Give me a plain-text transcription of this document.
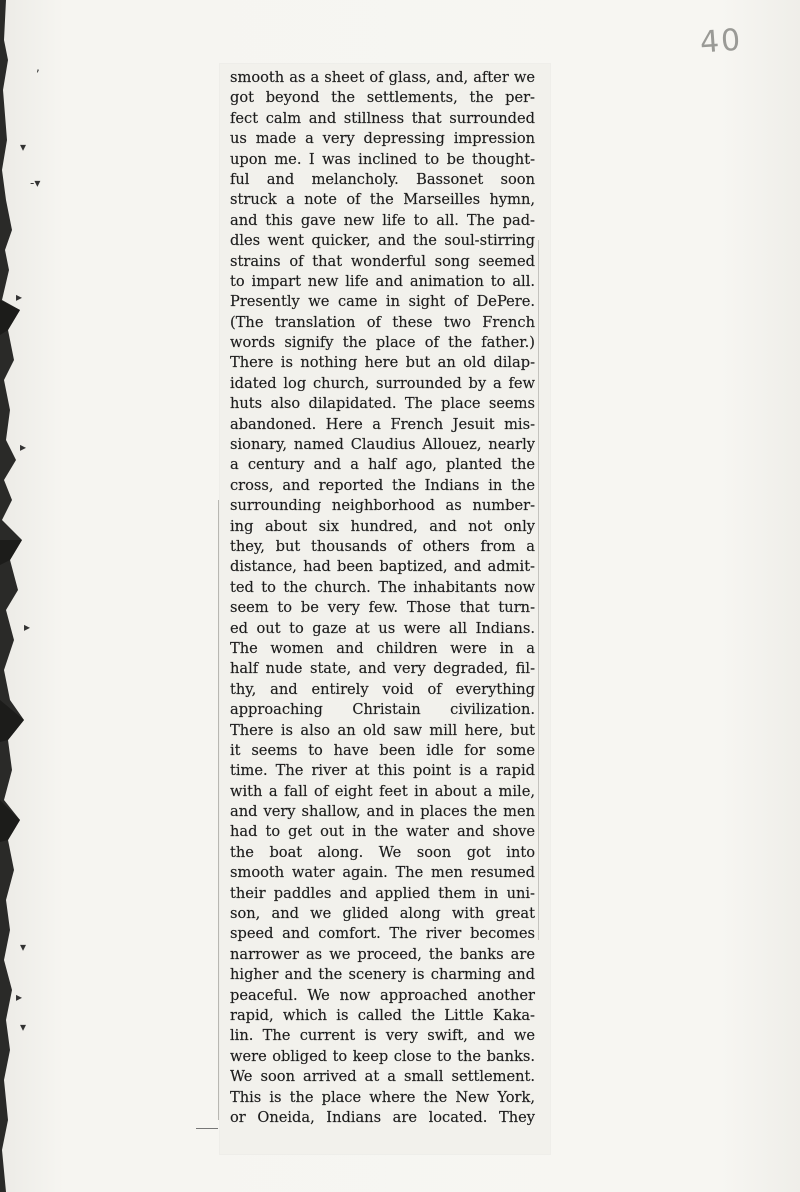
,
▾
-▾
▸
▸
▸
▾
▸
▾
40
smooth as a sheet of glass, and, after we
got beyond the settlements, the per-
fect calm and stillness that surrounded
us made a very depressing impression
upon me. I was inclined to be thought-
ful and melancholy. Bassonet soon
struck a note of the Marseilles hymn,
and this gave new life to all. The pad-
dles went quicker, and the soul-stirring
strains of that wonderful song seemed
to impart new life and animation to all.
Presently we came in sight of DePere.
(The translation of these two French
words signify the place of the father.)
There is nothing here but an old dilap-
idated log church, surrounded by a few
huts also dilapidated. The place seems
abandoned. Here a French Jesuit mis-
sionary, named Claudius Allouez, nearly
a century and a half ago, planted the
cross, and reported the Indians in the
surrounding neighborhood as number-
ing about six hundred, and not only
they, but thousands of others from a
distance, had been baptized, and admit-
ted to the church. The inhabitants now
seem to be very few. Those that turn-
ed out to gaze at us were all Indians.
The women and children were in a
half nude state, and very degraded, fil-
thy, and entirely void of everything
approaching Christain civilization.
There is also an old saw mill here, but
it seems to have been idle for some
time. The river at this point is a rapid
with a fall of eight feet in about a mile,
and very shallow, and in places the men
had to get out in the water and shove
the boat along. We soon got into
smooth water again. The men resumed
their paddles and applied them in uni-
son, and we glided along with great
speed and comfort. The river becomes
narrower as we proceed, the banks are
higher and the scenery is charming and
peaceful. We now approached another
rapid, which is called the Little Kaka-
lin. The current is very swift, and we
were obliged to keep close to the banks.
We soon arrived at a small settlement.
This is the place where the New York,
or Oneida, Indians are located. They
